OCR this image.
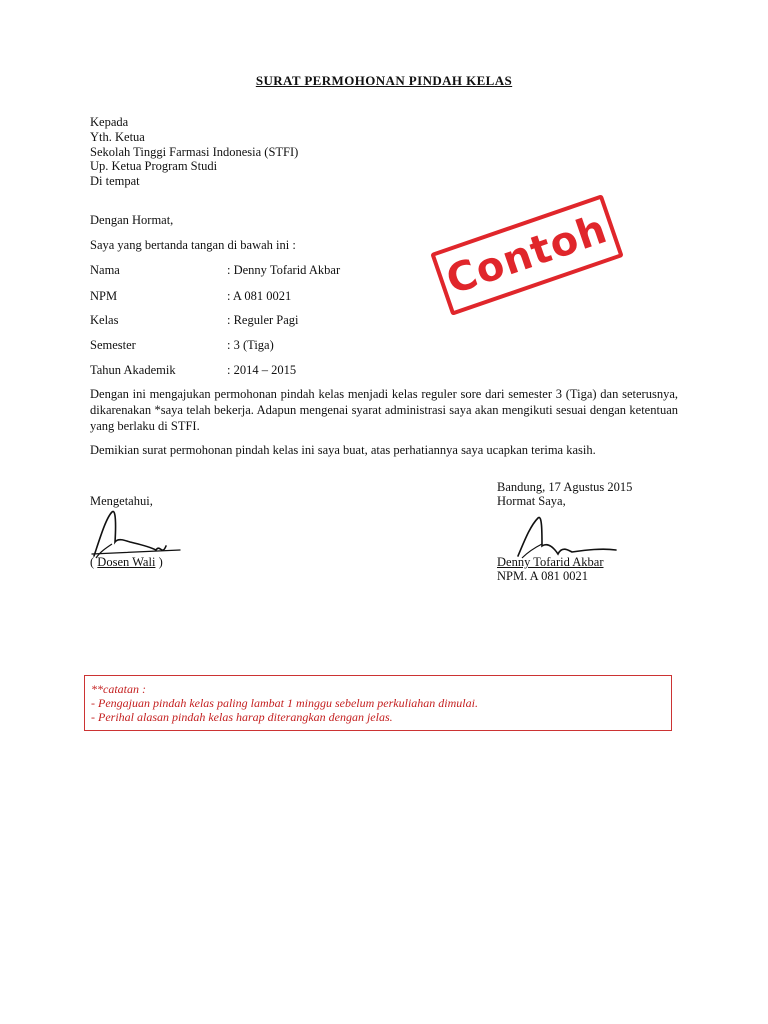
SURAT PERMOHONAN PINDAH KELAS
Kepada
Yth. Ketua
Sekolah Tinggi Farmasi Indonesia (STFI)
Up. Ketua Program Studi
Di tempat
Dengan Hormat,
Saya yang bertanda tangan di bawah ini :
Nama	: Denny Tofarid Akbar
NPM	: A 081 0021
Kelas	: Reguler Pagi
Semester	: 3 (Tiga)
Tahun Akademik	: 2014 – 2015
Contoh
Dengan ini mengajukan permohonan pindah kelas menjadi kelas reguler sore dari semester 3 (Tiga) dan seterusnya, dikarenakan *saya telah bekerja. Adapun mengenai syarat administrasi saya akan mengikuti sesuai dengan ketentuan yang berlaku di STFI.
Demikian surat permohonan pindah kelas ini saya buat, atas perhatiannya saya ucapkan terima kasih.
Bandung, 17 Agustus 2015
Hormat Saya,
Mengetahui,
( Dosen Wali )	Denny Tofarid Akbar
NPM. A 081 0021
**catatan :
- Pengajuan pindah kelas paling lambat 1 minggu sebelum perkuliahan dimulai.
- Perihal alasan pindah kelas harap diterangkan dengan jelas.
